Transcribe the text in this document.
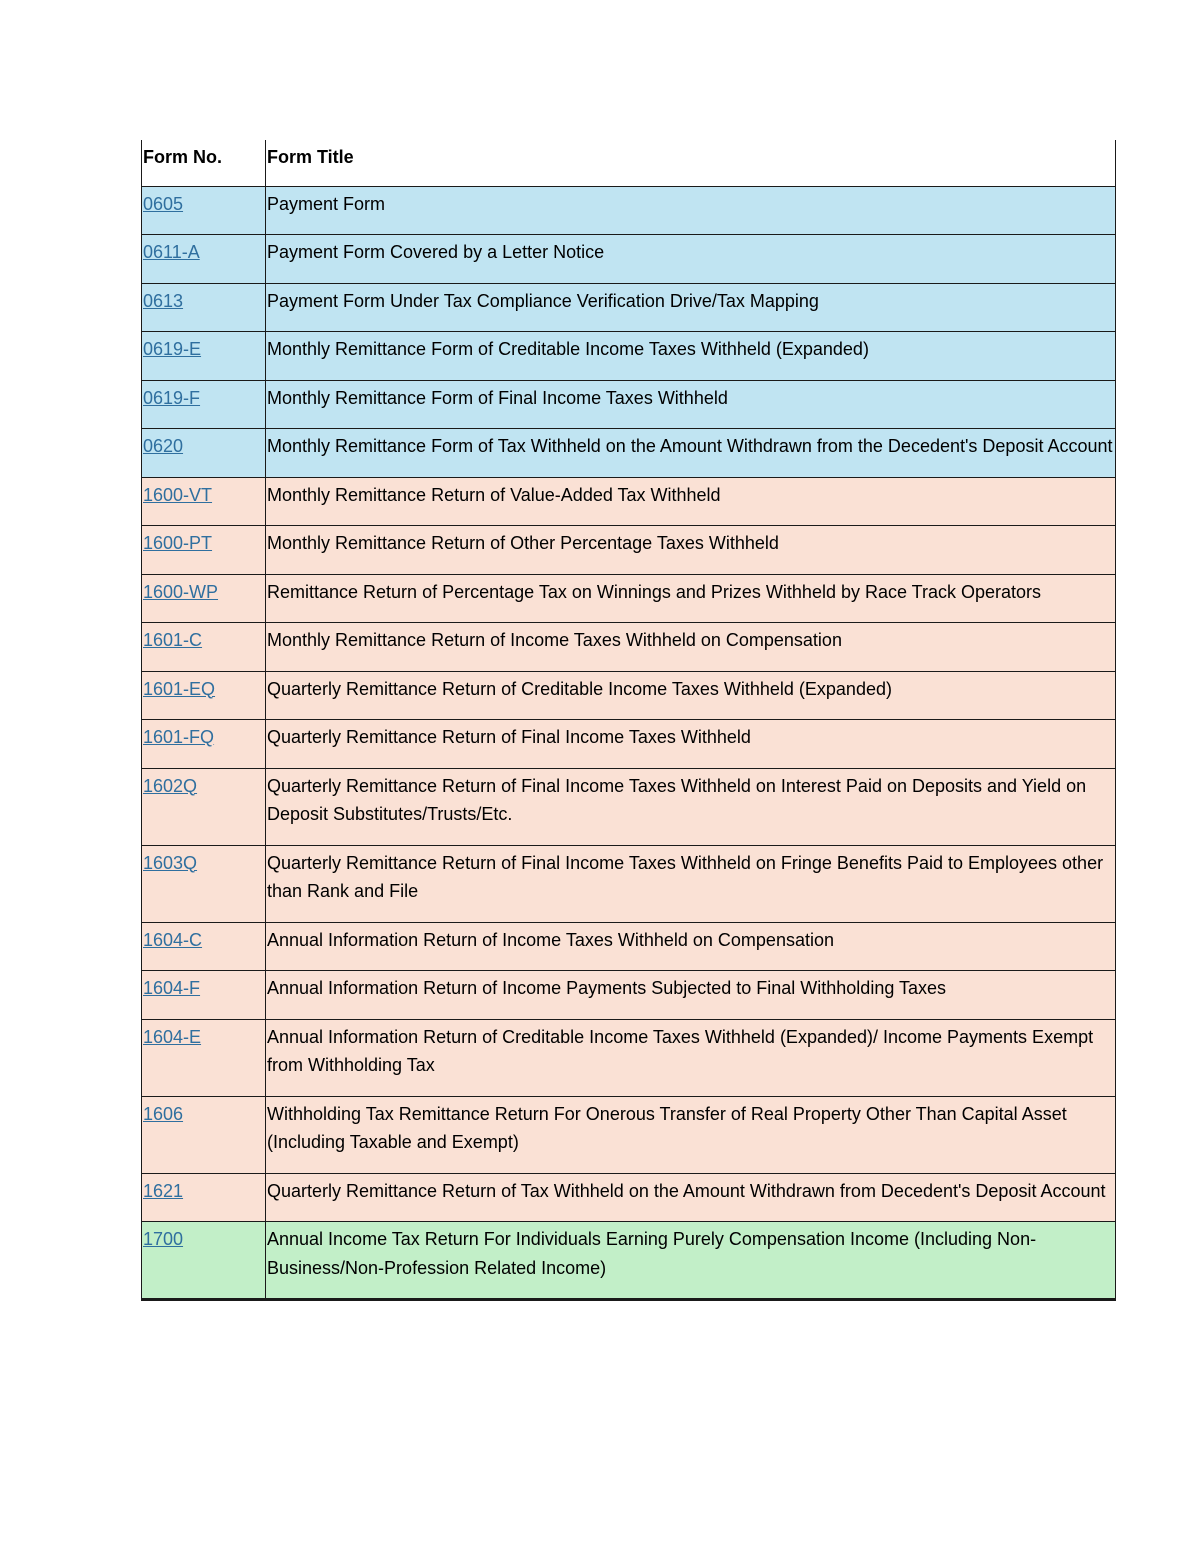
Form No.	Form Title
0605	Payment Form
0611-A	Payment Form Covered by a Letter Notice
0613	Payment Form Under Tax Compliance Verification Drive/Tax Mapping
0619-E	Monthly Remittance Form of Creditable Income Taxes Withheld (Expanded)
0619-F	Monthly Remittance Form of Final Income Taxes Withheld
0620	Monthly Remittance Form of Tax Withheld on the Amount Withdrawn from the Decedent's Deposit Account
1600-VT	Monthly Remittance Return of Value-Added Tax Withheld
1600-PT	Monthly Remittance Return of Other Percentage Taxes Withheld
1600-WP	Remittance Return of Percentage Tax on Winnings and Prizes Withheld by Race Track Operators
1601-C	Monthly Remittance Return of Income Taxes Withheld on Compensation
1601-EQ	Quarterly Remittance Return of Creditable Income Taxes Withheld (Expanded)
1601-FQ	Quarterly Remittance Return of Final Income Taxes Withheld
1602Q	Quarterly Remittance Return of Final Income Taxes Withheld on Interest Paid on Deposits and Yield on Deposit Substitutes/Trusts/Etc.
1603Q	Quarterly Remittance Return of Final Income Taxes Withheld on Fringe Benefits Paid to Employees other than Rank and File
1604-C	Annual Information Return of Income Taxes Withheld on Compensation
1604-F	Annual Information Return of Income Payments Subjected to Final Withholding Taxes
1604-E	Annual Information Return of Creditable Income Taxes Withheld (Expanded)/ Income Payments Exempt from Withholding Tax
1606	Withholding Tax Remittance Return For Onerous Transfer of Real Property Other Than Capital Asset (Including Taxable and Exempt)
1621	Quarterly Remittance Return of Tax Withheld on the Amount Withdrawn from Decedent's Deposit Account
1700	Annual Income Tax Return For Individuals Earning Purely Compensation Income (Including Non-Business/Non-Profession Related Income)
